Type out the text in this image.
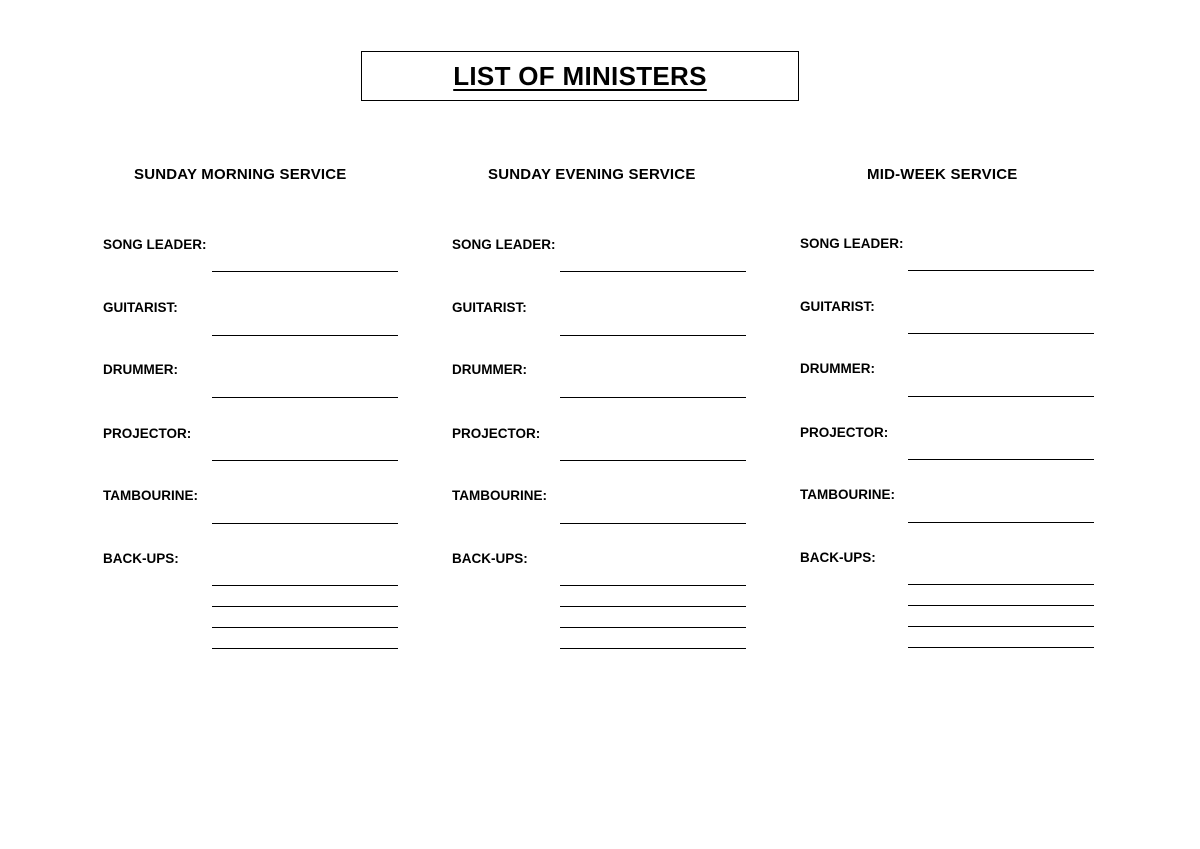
LIST OF MINISTERS
SUNDAY MORNING SERVICE
SONG LEADER:
GUITARIST:
DRUMMER:
PROJECTOR:
TAMBOURINE:
BACK-UPS:
SUNDAY EVENING SERVICE
SONG LEADER:
GUITARIST:
DRUMMER:
PROJECTOR:
TAMBOURINE:
BACK-UPS:
MID-WEEK SERVICE
SONG LEADER:
GUITARIST:
DRUMMER:
PROJECTOR:
TAMBOURINE:
BACK-UPS:
